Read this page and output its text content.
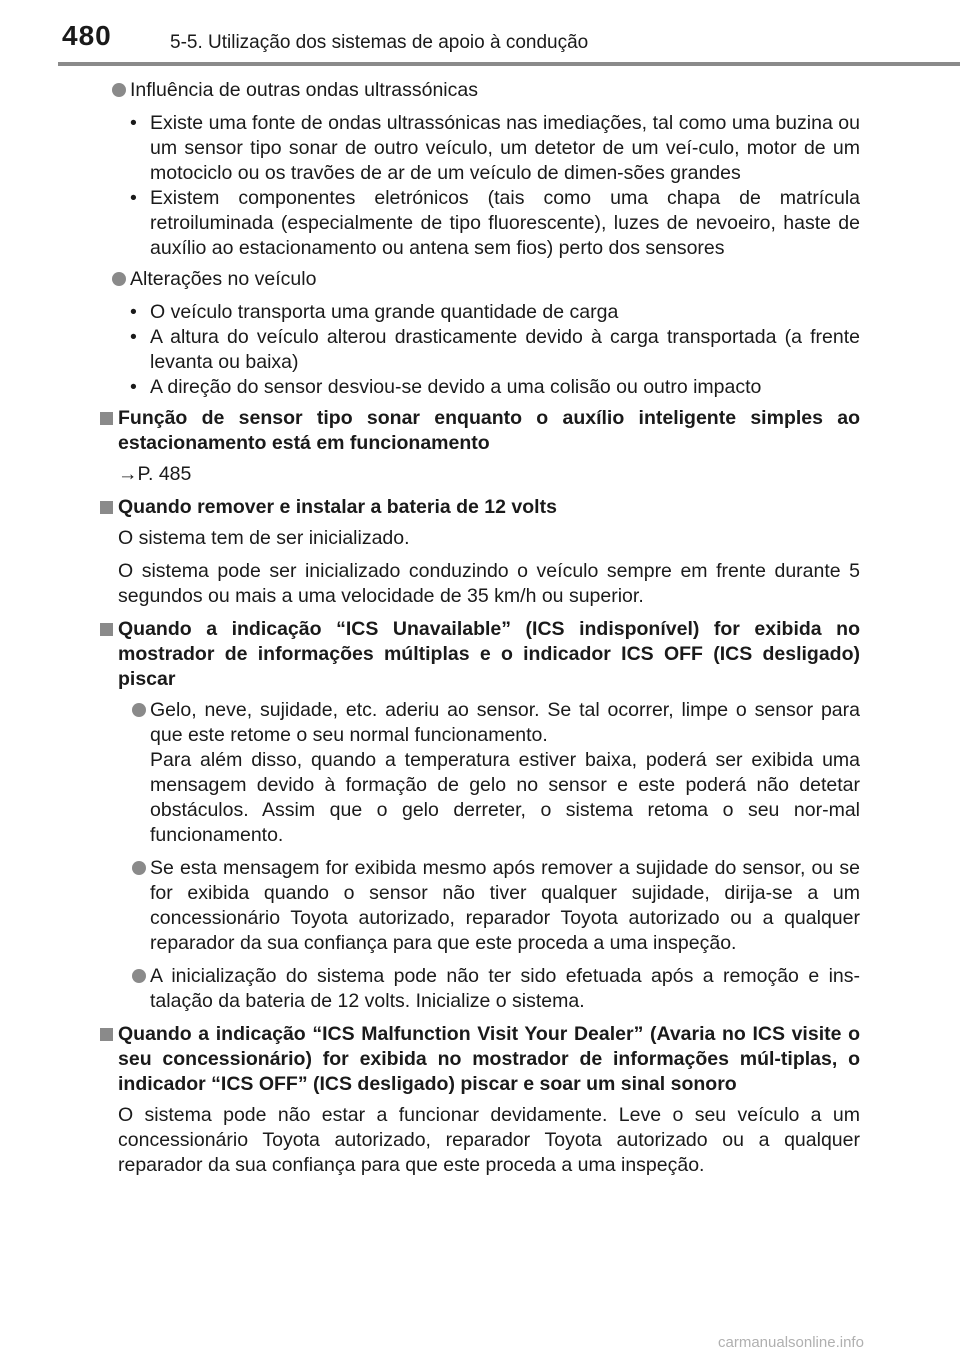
480	5-5. Utilização dos sistemas de apoio à condução

Influência de outras ondas ultrassónicas

• Existe uma fonte de ondas ultrassónicas nas imediações, tal como uma buzina ou um sensor tipo sonar de outro veículo, um detetor de um veí-culo, motor de um motociclo ou os travões de ar de um veículo de dimen-sões grandes

• Existem componentes eletrónicos (tais como uma chapa de matrícula retroiluminada (especialmente de tipo fluorescente), luzes de nevoeiro, haste de auxílio ao estacionamento ou antena sem fios) perto dos sensores

Alterações no veículo

• O veículo transporta uma grande quantidade de carga

• A altura do veículo alterou drasticamente devido à carga transportada (a frente levanta ou baixa)

• A direção do sensor desviou-se devido a uma colisão ou outro impacto

Função de sensor tipo sonar enquanto o auxílio inteligente simples ao estacionamento está em funcionamento

→P. 485

Quando remover e instalar a bateria de 12 volts

O sistema tem de ser inicializado.

O sistema pode ser inicializado conduzindo o veículo sempre em frente durante 5 segundos ou mais a uma velocidade de 35 km/h ou superior.

Quando a indicação “ICS Unavailable” (ICS indisponível) for exibida no mostrador de informações múltiplas e o indicador ICS OFF (ICS desligado) piscar

Gelo, neve, sujidade, etc. aderiu ao sensor. Se tal ocorrer, limpe o sensor para que este retome o seu normal funcionamento.

Para além disso, quando a temperatura estiver baixa, poderá ser exibida uma mensagem devido à formação de gelo no sensor e este poderá não detetar obstáculos. Assim que o gelo derreter, o sistema retoma o seu nor-mal funcionamento.

Se esta mensagem for exibida mesmo após remover a sujidade do sensor, ou se for exibida quando o sensor não tiver qualquer sujidade, dirija-se a um concessionário Toyota autorizado, reparador Toyota autorizado ou a qualquer reparador da sua confiança para que este proceda a uma inspeção.

A inicialização do sistema pode não ter sido efetuada após a remoção e ins-talação da bateria de 12 volts. Inicialize o sistema.

Quando a indicação “ICS Malfunction Visit Your Dealer” (Avaria no ICS visite o seu concessionário) for exibida no mostrador de informações múl-tiplas, o indicador “ICS OFF” (ICS desligado) piscar e soar um sinal sonoro

O sistema pode não estar a funcionar devidamente. Leve o seu veículo a um concessionário Toyota autorizado, reparador Toyota autorizado ou a qualquer reparador da sua confiança para que este proceda a uma inspeção.

carmanualsonline.info
